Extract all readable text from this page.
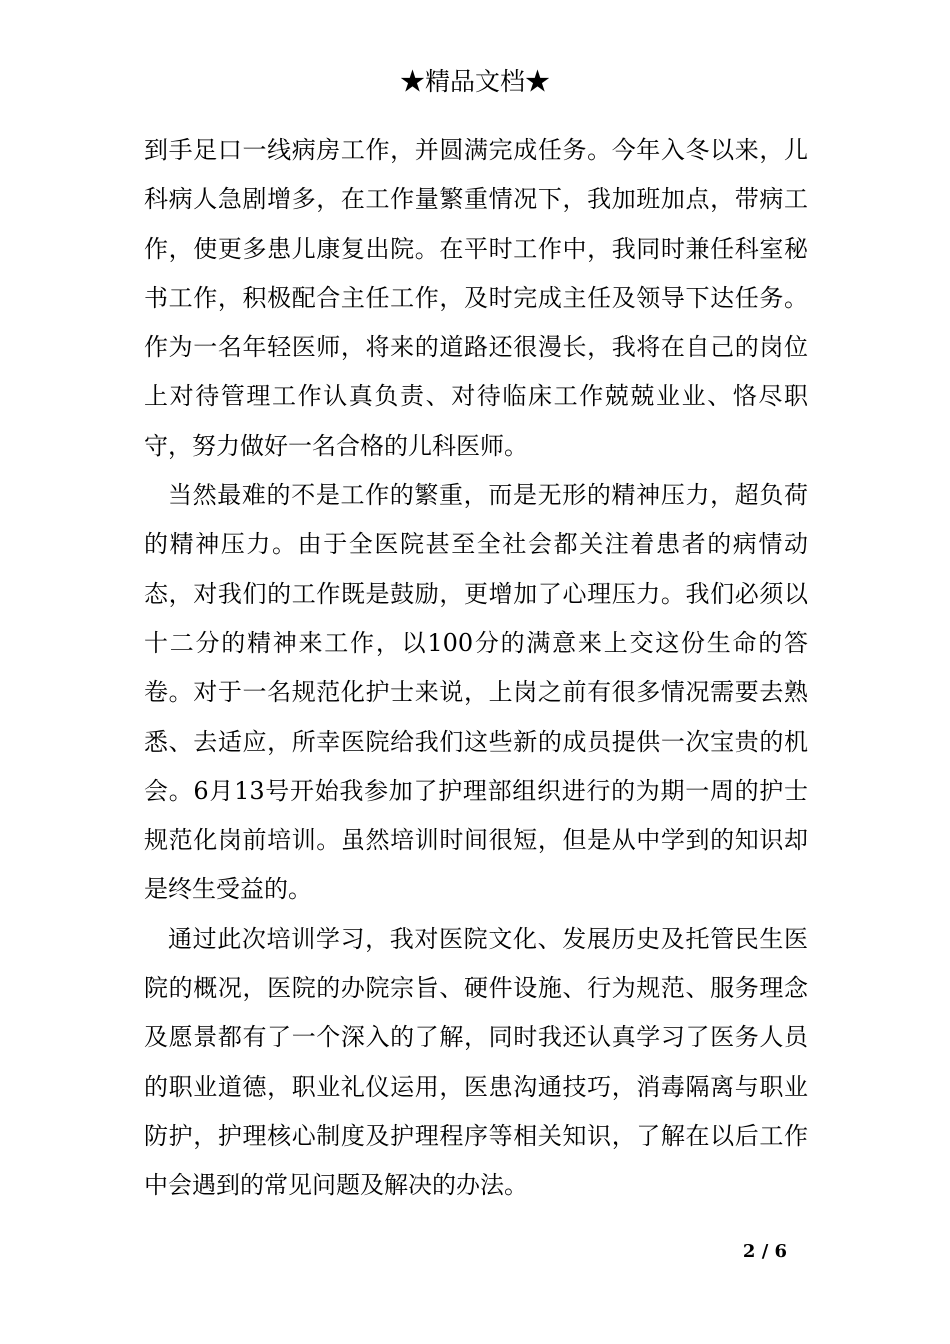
★精品文档★

到手足口一线病房工作，并圆满完成任务。今年入冬以来，儿科病人急剧增多，在工作量繁重情况下，我加班加点，带病工作，使更多患儿康复出院。在平时工作中，我同时兼任科室秘书工作，积极配合主任工作，及时完成主任及领导下达任务。作为一名年轻医师，将来的道路还很漫长，我将在自己的岗位上对待管理工作认真负责、对待临床工作兢兢业业、恪尽职守，努力做好一名合格的儿科医师。

当然最难的不是工作的繁重，而是无形的精神压力，超负荷的精神压力。由于全医院甚至全社会都关注着患者的病情动态，对我们的工作既是鼓励，更增加了心理压力。我们必须以十二分的精神来工作，以100分的满意来上交这份生命的答卷。对于一名规范化护士来说，上岗之前有很多情况需要去熟悉、去适应，所幸医院给我们这些新的成员提供一次宝贵的机会。6月13号开始我参加了护理部组织进行的为期一周的护士规范化岗前培训。虽然培训时间很短，但是从中学到的知识却是终生受益的。

通过此次培训学习，我对医院文化、发展历史及托管民生医院的概况，医院的办院宗旨、硬件设施、行为规范、服务理念及愿景都有了一个深入的了解，同时我还认真学习了医务人员的职业道德，职业礼仪运用，医患沟通技巧，消毒隔离与职业防护，护理核心制度及护理程序等相关知识，了解在以后工作中会遇到的常见问题及解决的办法。

2 / 6
